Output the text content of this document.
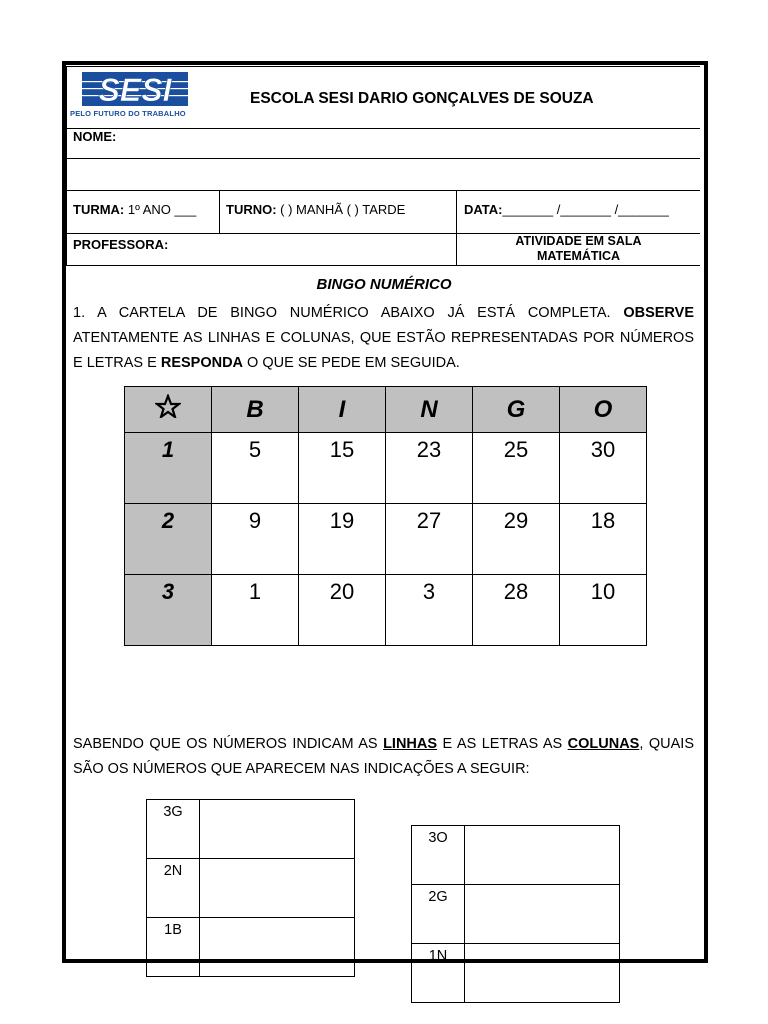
SESI
PELO FUTURO DO TRABALHO
ESCOLA SESI DARIO GONÇALVES DE SOUZA
NOME:
TURMA: 1º ANO ___ TURNO: ( ) MANHÃ ( ) TARDE	DATA:_______ /_______ /_______
PROFESSORA:	ATIVIDADE EM SALA
MATEMÁTICA
BINGO NUMÉRICO
1. A CARTELA DE BINGO NUMÉRICO ABAIXO JÁ ESTÁ COMPLETA. OBSERVE ATENTAMENTE AS LINHAS E COLUNAS, QUE ESTÃO REPRESENTADAS POR NÚMEROS E LETRAS E RESPONDA O QUE SE PEDE EM SEGUIDA.
	B	I	N	G	O

1	5	15	23	25	30

2	9	19	27	29	18

3	1	20	3	28	10
SABENDO QUE OS NÚMEROS INDICAM AS LINHAS E AS LETRAS AS COLUNAS, QUAIS SÃO OS NÚMEROS QUE APARECEM NAS INDICAÇÕES A SEGUIR:
3G	
2N	
1B	
3O	
2G	
1N	
